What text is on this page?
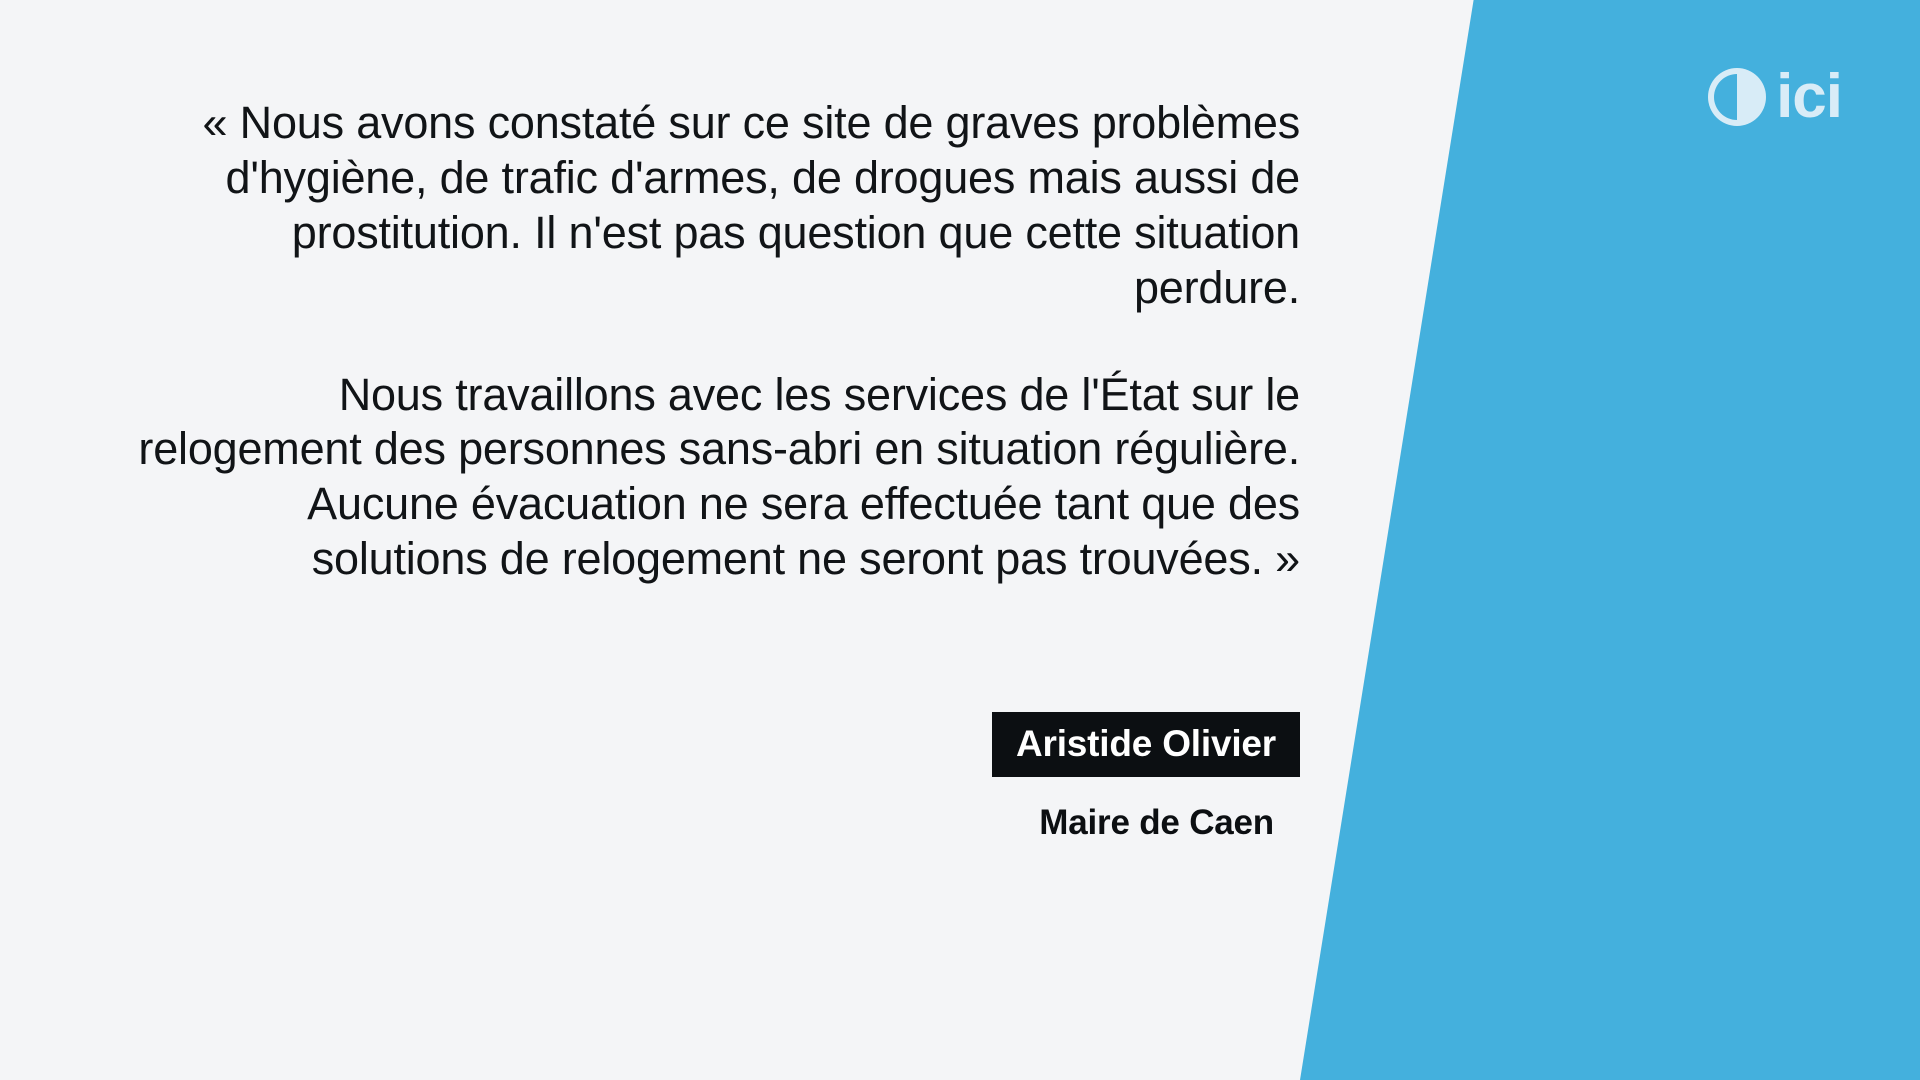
ici

« Nous avons constaté sur ce site de graves problèmes d'hygiène, de trafic d'armes, de drogues mais aussi de prostitution. Il n'est pas question que cette situation perdure.

Nous travaillons avec les services de l'État sur le relogement des personnes sans-abri en situation régulière. Aucune évacuation ne sera effectuée tant que des solutions de relogement ne seront pas trouvées. »

Aristide Olivier
Maire de Caen
